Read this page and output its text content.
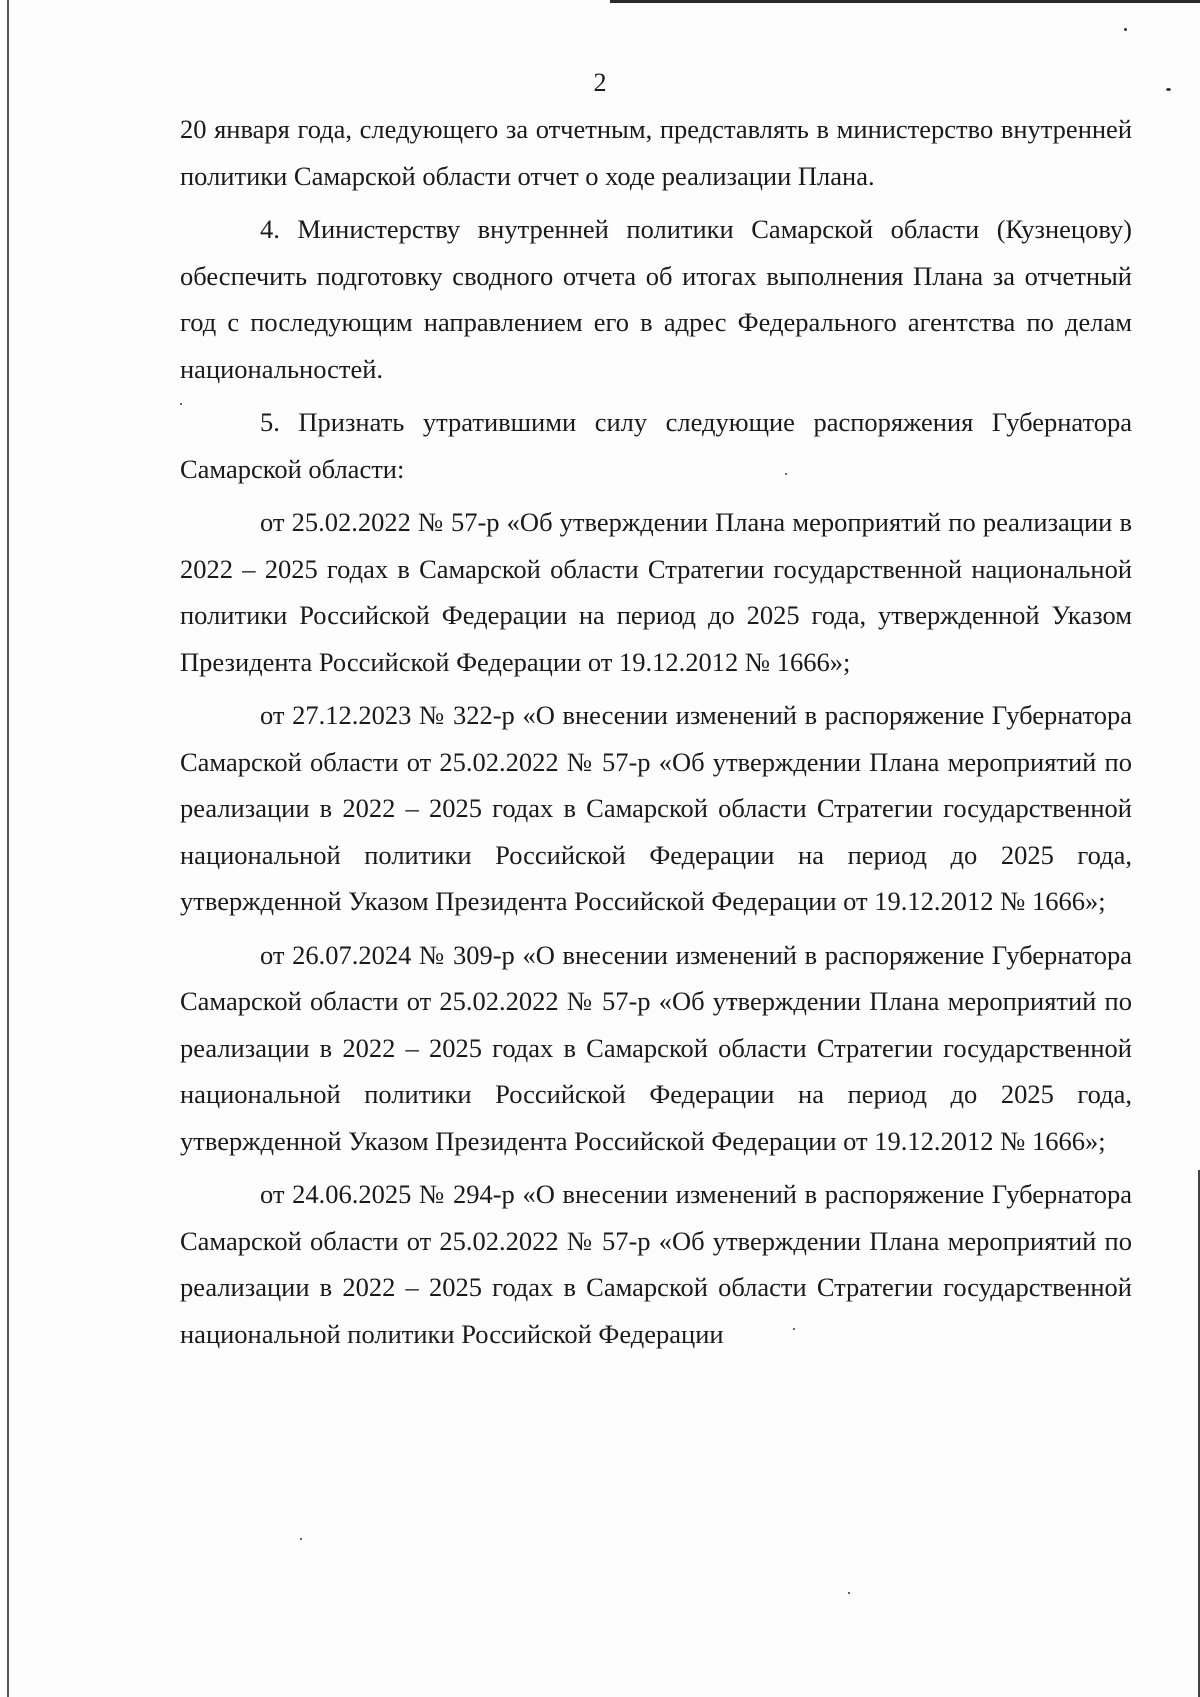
2

20 января года, следующего за отчетным, представлять в министерство внутренней политики Самарской области отчет о ходе реализации Плана.

4. Министерству внутренней политики Самарской области (Кузнецову) обеспечить подготовку сводного отчета об итогах выполнения Плана за отчетный год с последующим направлением его в адрес Федерального агентства по делам национальностей.

5. Признать утратившими силу следующие распоряжения Губернатора Самарской области:

от 25.02.2022 № 57-р «Об утверждении Плана мероприятий по реализации в 2022 – 2025 годах в Самарской области Стратегии государственной национальной политики Российской Федерации на период до 2025 года, утвержденной Указом Президента Российской Федерации от 19.12.2012 № 1666»;

от 27.12.2023 № 322-р «О внесении изменений в распоряжение Губернатора Самарской области от 25.02.2022 № 57-р «Об утверждении Плана мероприятий по реализации в 2022 – 2025 годах в Самарской области Стратегии государственной национальной политики Российской Федерации на период до 2025 года, утвержденной Указом Президента Российской Федерации от 19.12.2012 № 1666»;

от 26.07.2024 № 309-р «О внесении изменений в распоряжение Губернатора Самарской области от 25.02.2022 № 57-р «Об утверждении Плана мероприятий по реализации в 2022 – 2025 годах в Самарской области Стратегии государственной национальной политики Российской Федерации на период до 2025 года, утвержденной Указом Президента Российской Федерации от 19.12.2012 № 1666»;

от 24.06.2025 № 294-р «О внесении изменений в распоряжение Губернатора Самарской области от 25.02.2022 № 57-р «Об утверждении Плана мероприятий по реализации в 2022 – 2025 годах в Самарской области Стратегии государственной национальной политики Российской Федерации
